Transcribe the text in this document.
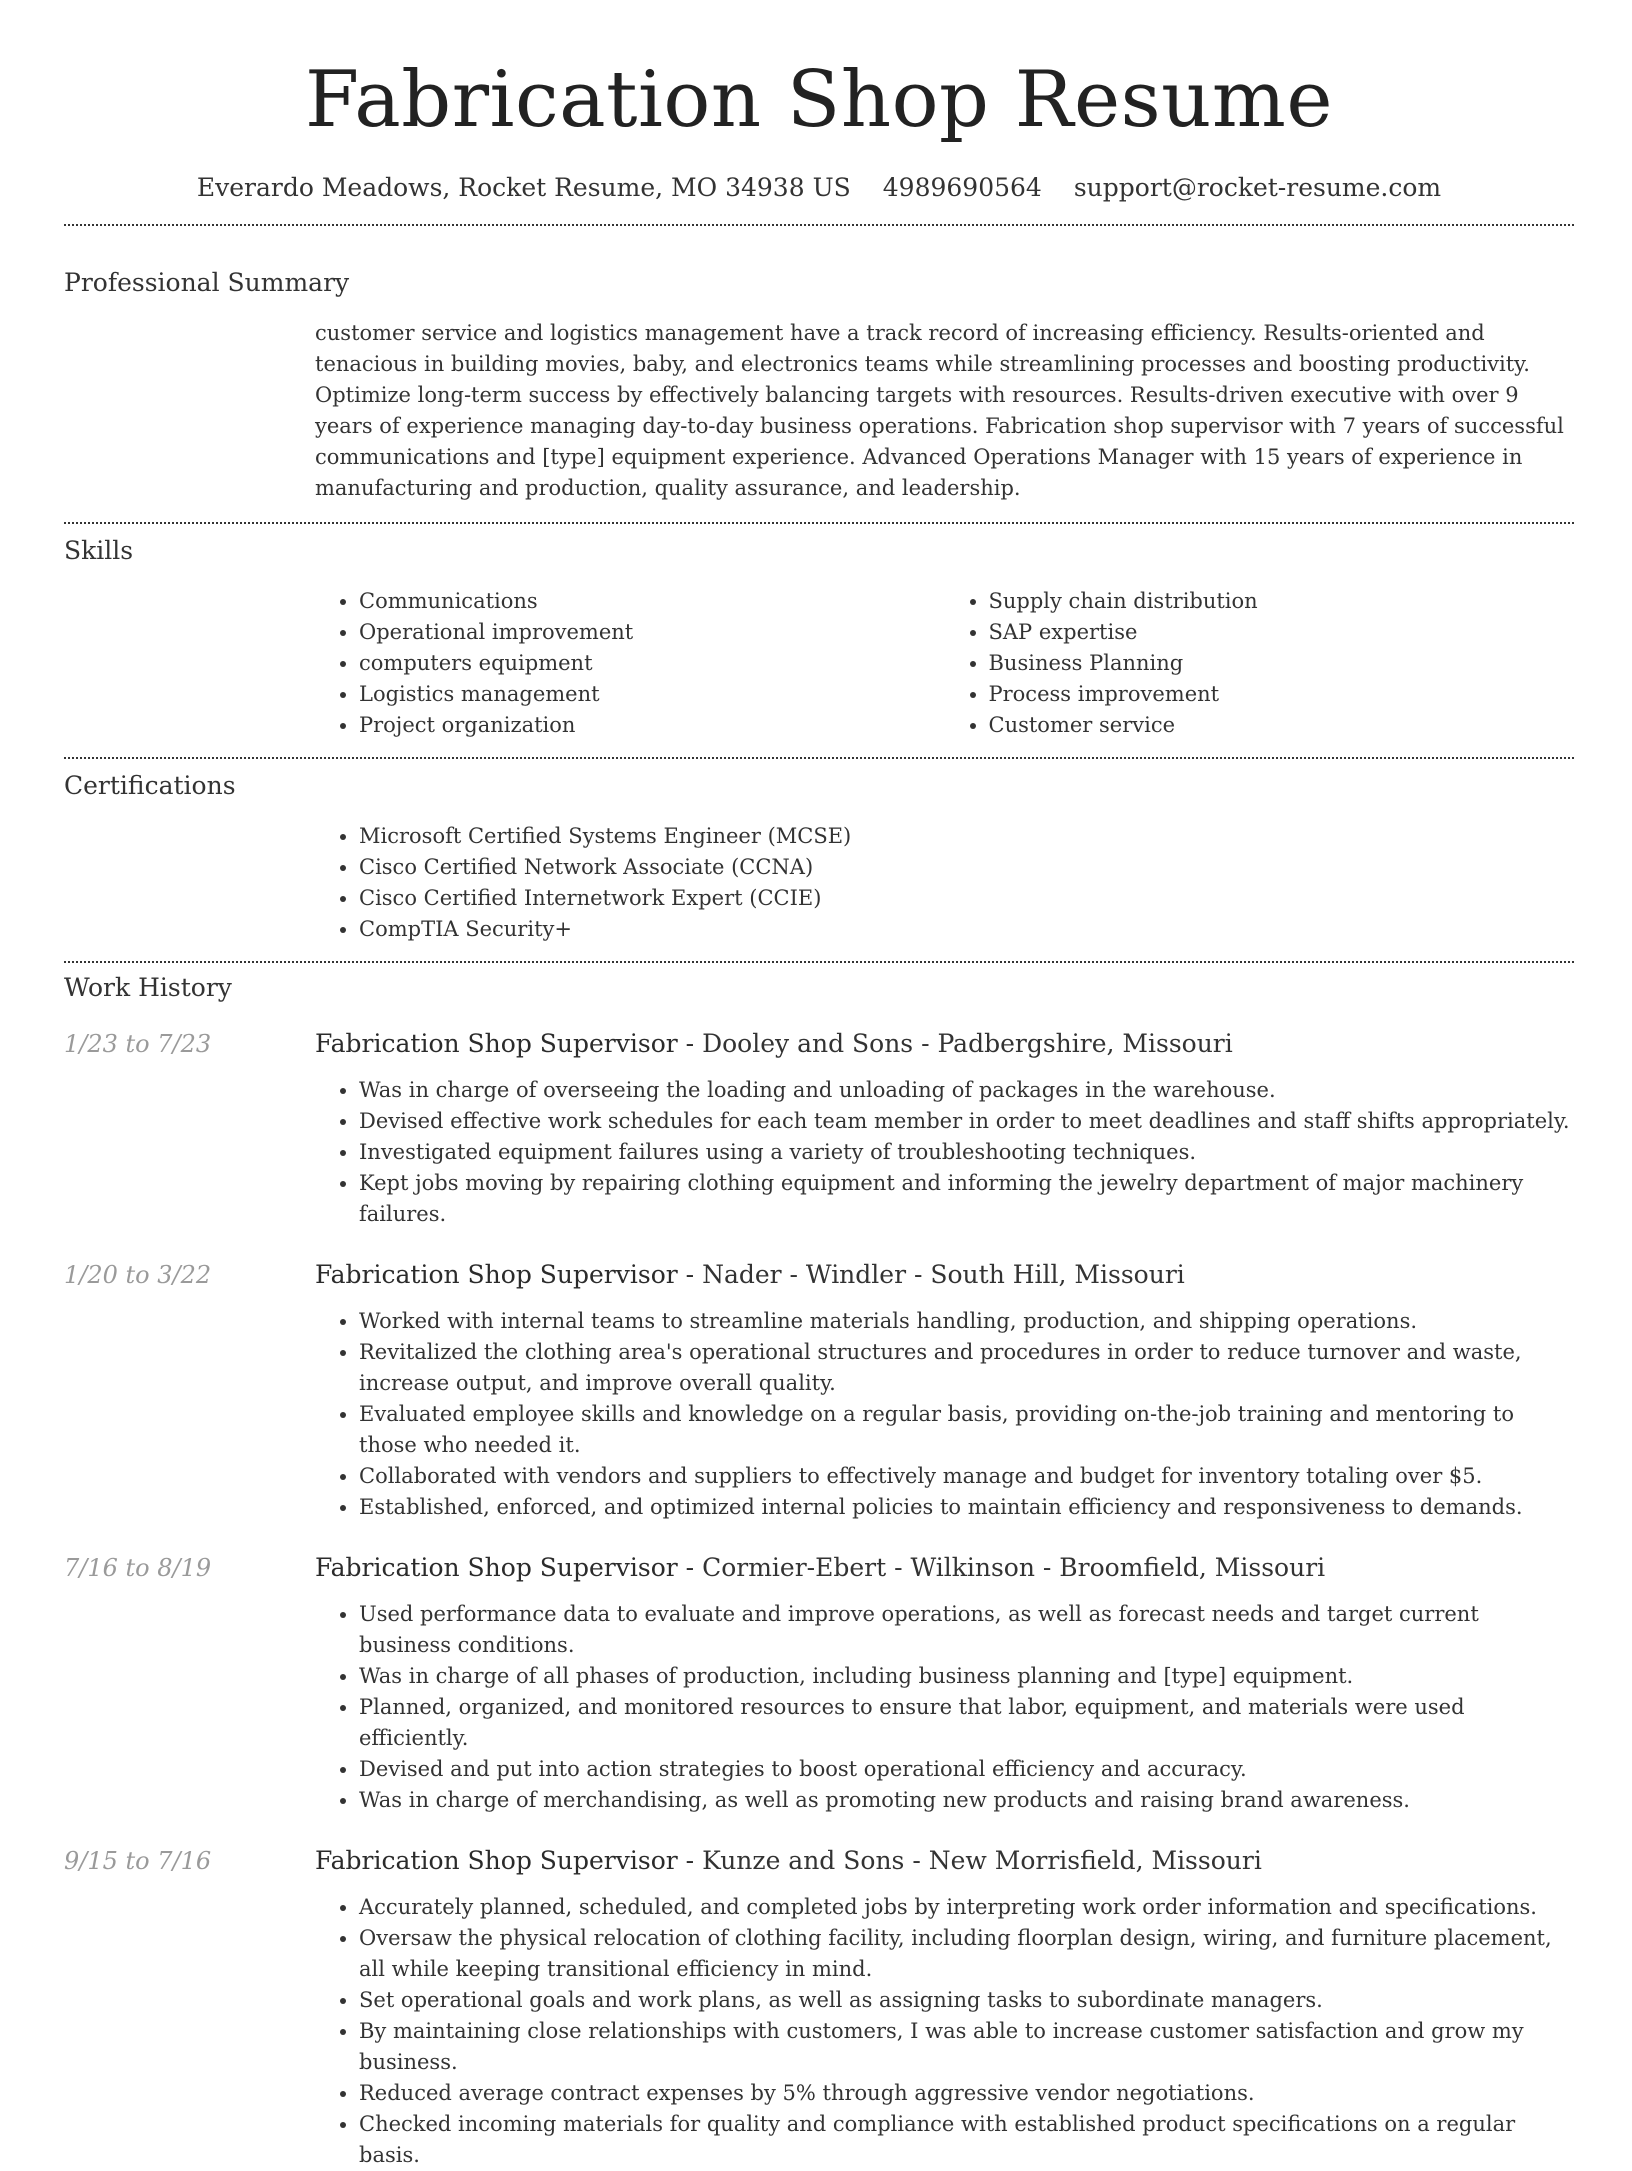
Fabrication Shop Resume
Everardo Meadows, Rocket Resume, MO 34938 US 4989690564 support@rocket-resume.com
Professional Summary

customer service and logistics management have a track record of increasing efficiency. Results-oriented and tenacious in building movies, baby, and electronics teams while streamlining processes and boosting productivity. Optimize long-term success by effectively balancing targets with resources. Results-driven executive with over 9 years of experience managing day-to-day business operations. Fabrication shop supervisor with 7 years of successful communications and [type] equipment experience. Advanced Operations Manager with 15 years of experience in manufacturing and production, quality assurance, and leadership.

Skills
• Communications
• Operational improvement
• computers equipment
• Logistics management
• Project organization
• Supply chain distribution
• SAP expertise
• Business Planning
• Process improvement
• Customer service
Certifications
• Microsoft Certified Systems Engineer (MCSE)
• Cisco Certified Network Associate (CCNA)
• Cisco Certified Internetwork Expert (CCIE)
• CompTIA Security+
Work History
1/23 to 7/23	Fabrication Shop Supervisor - Dooley and Sons - Padbergshire, Missouri
• Was in charge of overseeing the loading and unloading of packages in the warehouse.
• Devised effective work schedules for each team member in order to meet deadlines and staff shifts appropriately.
• Investigated equipment failures using a variety of troubleshooting techniques.
• Kept jobs moving by repairing clothing equipment and informing the jewelry department of major machinery failures.
1/20 to 3/22	Fabrication Shop Supervisor - Nader - Windler - South Hill, Missouri
• Worked with internal teams to streamline materials handling, production, and shipping operations.
• Revitalized the clothing area's operational structures and procedures in order to reduce turnover and waste, increase output, and improve overall quality.
• Evaluated employee skills and knowledge on a regular basis, providing on-the-job training and mentoring to those who needed it.
• Collaborated with vendors and suppliers to effectively manage and budget for inventory totaling over $5.
• Established, enforced, and optimized internal policies to maintain efficiency and responsiveness to demands.
7/16 to 8/19	Fabrication Shop Supervisor - Cormier-Ebert - Wilkinson - Broomfield, Missouri
• Used performance data to evaluate and improve operations, as well as forecast needs and target current business conditions.
• Was in charge of all phases of production, including business planning and [type] equipment.
• Planned, organized, and monitored resources to ensure that labor, equipment, and materials were used efficiently.
• Devised and put into action strategies to boost operational efficiency and accuracy.
• Was in charge of merchandising, as well as promoting new products and raising brand awareness.
9/15 to 7/16	Fabrication Shop Supervisor - Kunze and Sons - New Morrisfield, Missouri
• Accurately planned, scheduled, and completed jobs by interpreting work order information and specifications.
• Oversaw the physical relocation of clothing facility, including floorplan design, wiring, and furniture placement, all while keeping transitional efficiency in mind.
• Set operational goals and work plans, as well as assigning tasks to subordinate managers.
• By maintaining close relationships with customers, I was able to increase customer satisfaction and grow my business.
• Reduced average contract expenses by 5% through aggressive vendor negotiations.
• Checked incoming materials for quality and compliance with established product specifications on a regular basis.
